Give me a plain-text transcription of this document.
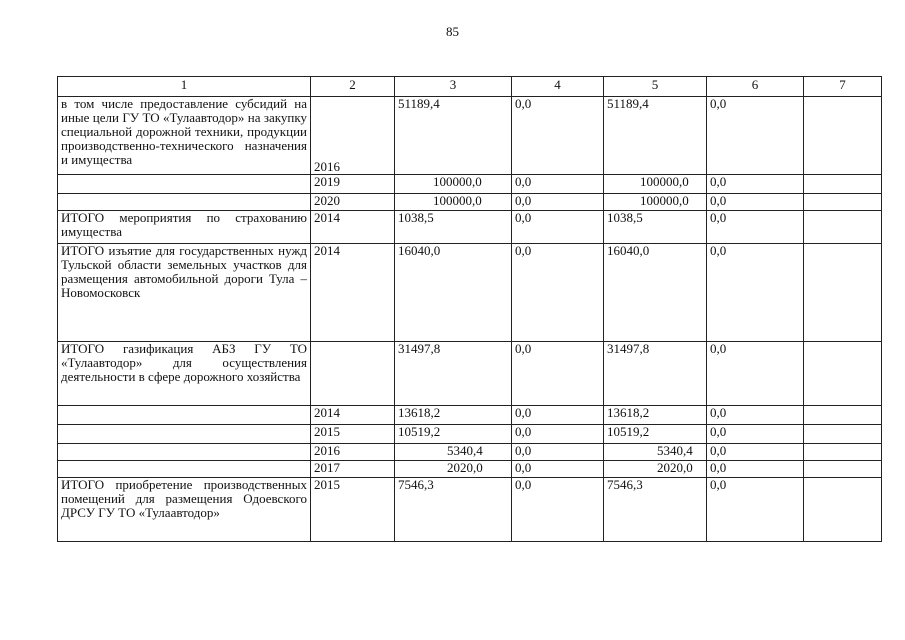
85
1	2	3	4	5	6	7
в том числе предоставление субсидий на иные цели ГУ ТО «Тулаавтодор» на закупку специальной дорожной техники, продукции производственно-технического назначения и имущества	2016	51189,4	0,0	51189,4	0,0	
	2019	100000,0	0,0	100000,0	0,0	
	2020	100000,0	0,0	100000,0	0,0	
ИТОГО мероприятия по страхованию имущества	2014	1038,5	0,0	1038,5	0,0	
ИТОГО изъятие для государственных нужд Тульской области земельных участков для размещения автомобильной дороги Тула – Новомосковск	2014	16040,0	0,0	16040,0	0,0	
ИТОГО газификация АБЗ ГУ ТО «Тулаавтодор» для осуществления деятельности в сфере дорожного хозяйства		31497,8	0,0	31497,8	0,0	
	2014	13618,2	0,0	13618,2	0,0	
	2015	10519,2	0,0	10519,2	0,0	
	2016	5340,4	0,0	5340,4	0,0	
	2017	2020,0	0,0	2020,0	0,0	
ИТОГО приобретение производственных помещений для размещения Одоевского ДРСУ ГУ ТО «Тулаавтодор»	2015	7546,3	0,0	7546,3	0,0	
